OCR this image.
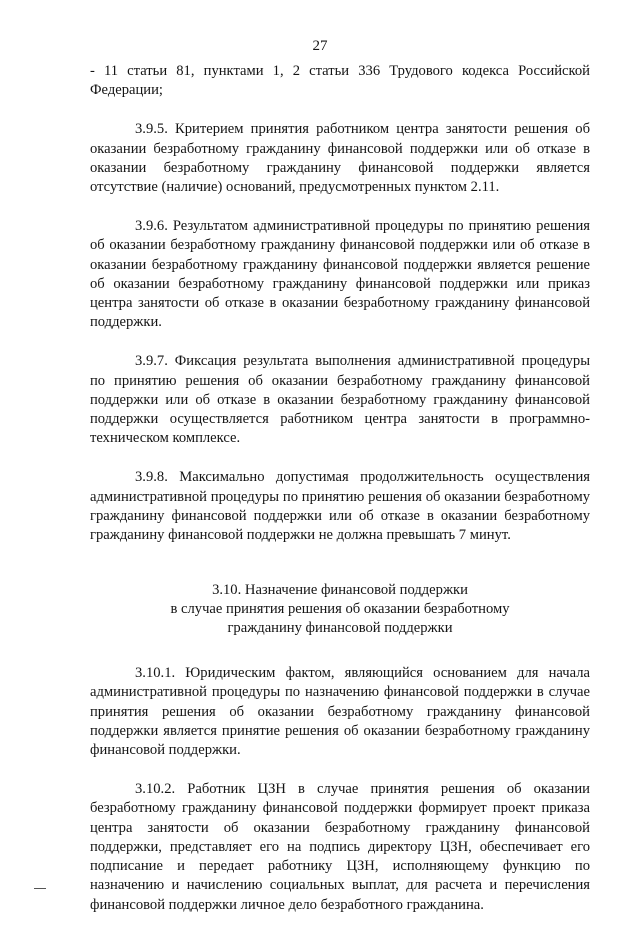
27

- 11 статьи 81, пунктами 1, 2 статьи 336 Трудового кодекса Российской Федерации;

3.9.5. Критерием принятия работником центра занятости решения об оказании безработному гражданину финансовой поддержки или об отказе в оказании безработному гражданину финансовой поддержки является отсутствие (наличие) оснований, предусмотренных пунктом 2.11.

3.9.6. Результатом административной процедуры по принятию решения об оказании безработному гражданину финансовой поддержки или об отказе в оказании безработному гражданину финансовой поддержки является решение об оказании безработному гражданину финансовой поддержки или приказ центра занятости об отказе в оказании безработному гражданину финансовой поддержки.

3.9.7. Фиксация результата выполнения административной процедуры по принятию решения об оказании безработному гражданину финансовой поддержки или об отказе в оказании безработному гражданину финансовой поддержки осуществляется работником центра занятости в программно-техническом комплексе.

3.9.8. Максимально допустимая продолжительность осуществления административной процедуры по принятию решения об оказании безработному гражданину финансовой поддержки или об отказе в оказании безработному гражданину финансовой поддержки не должна превышать 7 минут.

3.10. Назначение финансовой поддержки
в случае принятия решения об оказании безработному
гражданину финансовой поддержки

3.10.1. Юридическим фактом, являющийся основанием для начала административной процедуры по назначению финансовой поддержки в случае принятия решения об оказании безработному гражданину финансовой поддержки является принятие решения об оказании безработному гражданину финансовой поддержки.

3.10.2. Работник ЦЗН в случае принятия решения об оказании безработному гражданину финансовой поддержки формирует проект приказа центра занятости об оказании безработному гражданину финансовой поддержки, представляет его на подпись директору ЦЗН, обеспечивает его подписание и передает работнику ЦЗН, исполняющему функцию по назначению и начислению социальных выплат, для расчета и перечисления финансовой поддержки личное дело безработного гражданина.
